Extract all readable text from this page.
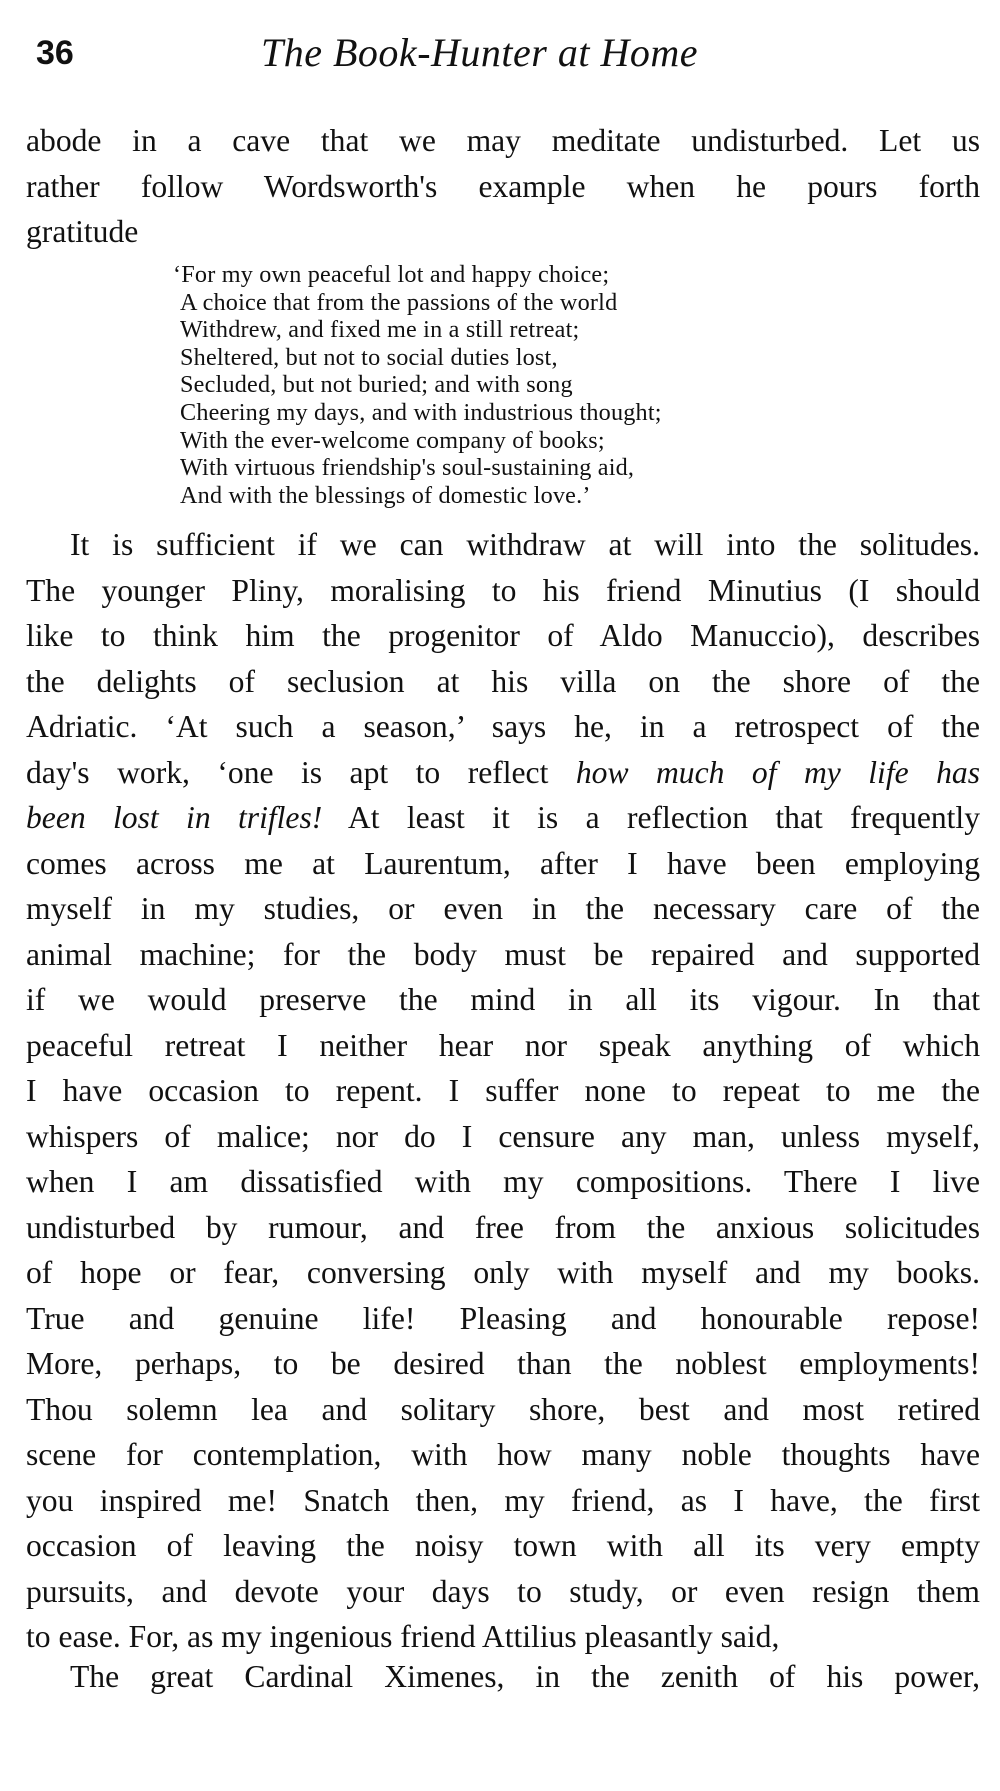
36	The Book-Hunter at Home
abode in a cave that we may meditate undisturbed. Let us
rather follow Wordsworth's example when he pours forth
gratitude
‘For my own peaceful lot and happy choice;
A choice that from the passions of the world
Withdrew, and fixed me in a still retreat;
Sheltered, but not to social duties lost,
Secluded, but not buried; and with song
Cheering my days, and with industrious thought;
With the ever-welcome company of books;
With virtuous friendship's soul-sustaining aid,
And with the blessings of domestic love.’
It is sufficient if we can withdraw at will into the solitudes.
The younger Pliny, moralising to his friend Minutius (I should
like to think him the progenitor of Aldo Manuccio), describes
the delights of seclusion at his villa on the shore of the
Adriatic. ‘At such a season,’ says he, in a retrospect of the
day's work, ‘one is apt to reflect how much of my life has
been lost in trifles! At least it is a reflection that frequently
comes across me at Laurentum, after I have been employing
myself in my studies, or even in the necessary care of the
animal machine; for the body must be repaired and supported
if we would preserve the mind in all its vigour. In that
peaceful retreat I neither hear nor speak anything of which
I have occasion to repent. I suffer none to repeat to me the
whispers of malice; nor do I censure any man, unless myself,
when I am dissatisfied with my compositions. There I live
undisturbed by rumour, and free from the anxious solicitudes
of hope or fear, conversing only with myself and my books.
True and genuine life! Pleasing and honourable repose!
More, perhaps, to be desired than the noblest employments!
Thou solemn lea and solitary shore, best and most retired
scene for contemplation, with how many noble thoughts have
you inspired me! Snatch then, my friend, as I have, the first
occasion of leaving the noisy town with all its very empty
pursuits, and devote your days to study, or even resign them
to ease. For, as my ingenious friend Attilius pleasantly said,
The great Cardinal Ximenes, in the zenith of his power,
